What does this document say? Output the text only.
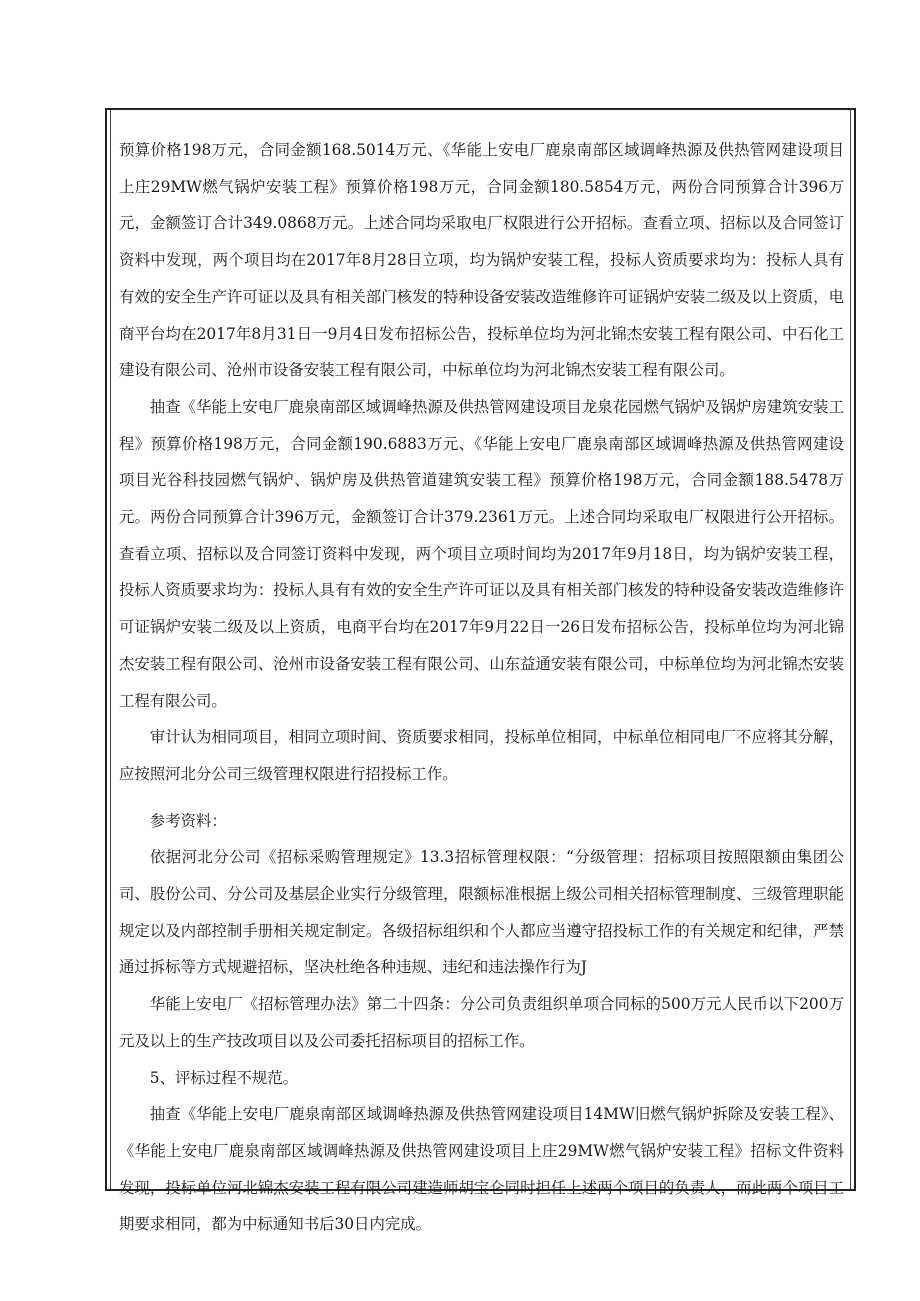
预算价格198万元，合同金额168.5014万元、《华能上安电厂鹿泉南部区域调峰热源及供热管网建设项目上庄29MW燃气锅炉安装工程》预算价格198万元，合同金额180.5854万元，两份合同预算合计396万元，金额签订合计349.0868万元。上述合同均采取电厂权限进行公开招标。查看立项、招标以及合同签订资料中发现，两个项目均在2017年8月28日立项，均为锅炉安装工程，投标人资质要求均为：投标人具有有效的安全生产许可证以及具有相关部门核发的特种设备安装改造维修许可证锅炉安装二级及以上资质，电商平台均在2017年8月31日一9月4日发布招标公告，投标单位均为河北锦杰安装工程有限公司、中石化工建设有限公司、沧州市设备安装工程有限公司，中标单位均为河北锦杰安装工程有限公司。

抽查《华能上安电厂鹿泉南部区域调峰热源及供热管网建设项目龙泉花园燃气锅炉及锅炉房建筑安装工程》预算价格198万元，合同金额190.6883万元、《华能上安电厂鹿泉南部区域调峰热源及供热管网建设项目光谷科技园燃气锅炉、锅炉房及供热管道建筑安装工程》预算价格198万元，合同金额188.5478万元。两份合同预算合计396万元，金额签订合计379.2361万元。上述合同均采取电厂权限进行公开招标。查看立项、招标以及合同签订资料中发现，两个项目立项时间均为2017年9月18日，均为锅炉安装工程，投标人资质要求均为：投标人具有有效的安全生产许可证以及具有相关部门核发的特种设备安装改造维修许可证锅炉安装二级及以上资质，电商平台均在2017年9月22日一26日发布招标公告，投标单位均为河北锦杰安装工程有限公司、沧州市设备安装工程有限公司、山东益通安装有限公司，中标单位均为河北锦杰安装工程有限公司。

审计认为相同项目，相同立项时间、资质要求相同，投标单位相同，中标单位相同电厂不应将其分解，应按照河北分公司三级管理权限进行招投标工作。

参考资料：

依据河北分公司《招标采购管理规定》13.3招标管理权限：“分级管理：招标项目按照限额由集团公司、股份公司、分公司及基层企业实行分级管理，限额标准根据上级公司相关招标管理制度、三级管理职能规定以及内部控制手册相关规定制定。各级招标组织和个人都应当遵守招投标工作的有关规定和纪律，严禁通过拆标等方式规避招标，坚决杜绝各种违规、违纪和违法操作行为J

华能上安电厂《招标管理办法》第二十四条：分公司负责组织单项合同标的500万元人民币以下200万元及以上的生产技改项目以及公司委托招标项目的招标工作。

5、评标过程不规范。

抽查《华能上安电厂鹿泉南部区域调峰热源及供热管网建设项目14MW旧燃气锅炉拆除及安装工程》、《华能上安电厂鹿泉南部区域调峰热源及供热管网建设项目上庄29MW燃气锅炉安装工程》招标文件资料发现，投标单位河北锦杰安装工程有限公司建造师胡宝仑同时担任上述两个项目的负责人，而此两个项目工期要求相同，都为中标通知书后30日内完成。
